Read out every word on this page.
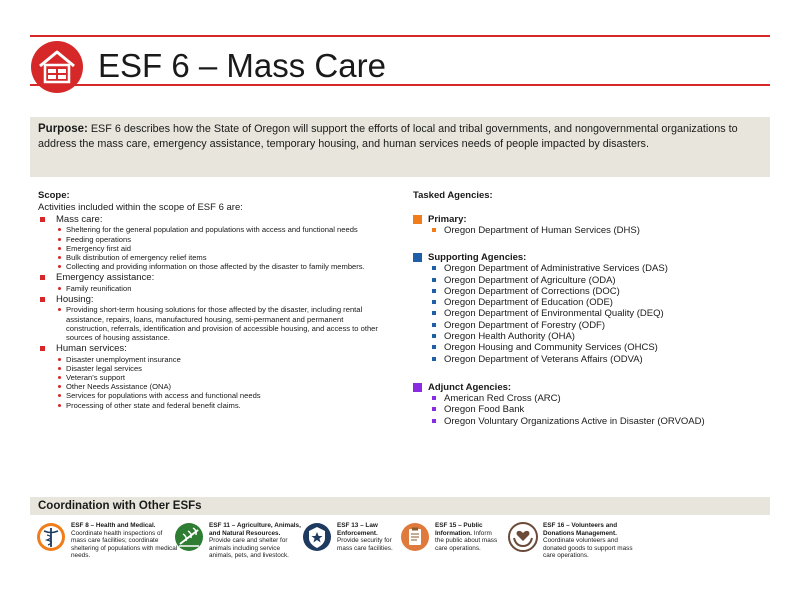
ESF 6 – Mass Care
Purpose: ESF 6 describes how the State of Oregon will support the efforts of local and tribal governments, and nongovernmental organizations to address the mass care, emergency assistance, temporary housing, and human services needs of people impacted by disasters.
Scope:
Activities included within the scope of ESF 6 are:
Mass care:
Sheltering for the general population and populations with access and functional needs
Feeding operations
Emergency first aid
Bulk distribution of emergency relief items
Collecting and providing information on those affected by the disaster to family members.
Emergency assistance:
Family reunification
Housing:
Providing short-term housing solutions for those affected by the disaster, including rental assistance, repairs, loans, manufactured housing, semi-permanent and permanent construction, referrals, identification and provision of accessible housing, and access to other sources of housing assistance.
Human services:
Disaster unemployment insurance
Disaster legal services
Veteran’s support
Other Needs Assistance (ONA)
Services for populations with access and functional needs
Processing of other state and federal benefit claims.
Tasked Agencies:
Primary:
Oregon Department of Human Services (DHS)
Supporting Agencies:
Oregon Department of Administrative Services (DAS)
Oregon Department of Agriculture (ODA)
Oregon Department of Corrections (DOC)
Oregon Department of Education (ODE)
Oregon Department of Environmental Quality (DEQ)
Oregon Department of Forestry (ODF)
Oregon Health Authority (OHA)
Oregon Housing and Community Services (OHCS)
Oregon Department of Veterans Affairs (ODVA)
Adjunct Agencies:
American Red Cross (ARC)
Oregon Food Bank
Oregon Voluntary Organizations Active in Disaster (ORVOAD)
Coordination with Other ESFs
ESF 8 – Health and Medical. Coordinate health inspections of mass care facilities; coordinate sheltering of populations with medical needs.
ESF 11 – Agriculture, Animals, and Natural Resources. Provide care and shelter for animals including service animals, pets, and livestock.
ESF 13 – Law Enforcement. Provide security for mass care facilities.
ESF 15 – Public Information. Inform the public about mass care operations.
ESF 16 – Volunteers and Donations Management. Coordinate volunteers and donated goods to support mass care operations.
